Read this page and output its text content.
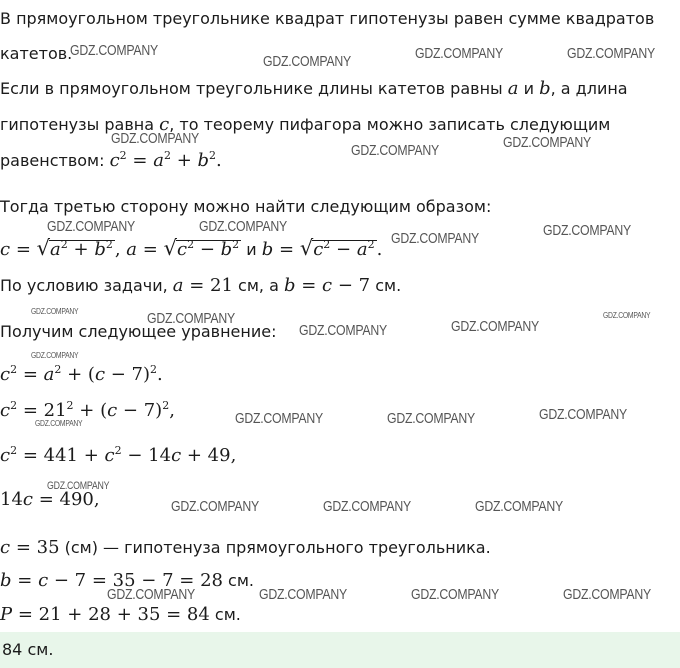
В прямоугольном треугольнике квадрат гипотенузы равен сумме квадратов
катетов.
Если в прямоугольном треугольнике длины катетов равны a и b, а длина
гипотенузы равна c, то теорему пифагора можно записать следующим
равенством: $c^2 = a^2 + b^2$.
Тогда третью сторону можно найти следующим образом:
$c = √a^2 + b^2$ , $a = √c^2 - b^2$ и $b = √c^2 - a^2$ .
По условию задачи, a = 21 см, а b = c − 7 см.
Получим следующее уравнение:
$c^2 = a^2 + (c - 7)^2$.
$c^2 = 21^2 + (c - 7)^2$,
$c^2 = 441 + c^2 - 14c + 49$,
14c = 490,
c = 35 (см) — гипотенуза прямоугольного треугольника.
b = c − 7 = 35 − 7 = 28 см.
P = 21 + 28 + 35 = 84 см.
84 см.
GDZ.COMPANY
GDZ.COMPANY	GDZ.COMPANY	GDZ.COMPANY
GDZ.COMPANY
GDZ.COMPANY	GDZ.COMPANY
GDZ.COMPANY	GDZ.COMPANY
GDZ.COMPANY	GDZ.COMPANY
GDZ.COMPANY	GDZ.COMPANY
GDZ.COMPANY	GDZ.COMPANY
GDZ.COMPANY
GDZ.COMPANY
GDZ.COMPANY	GDZ.COMPANY	GDZ.COMPANY	GDZ.COMPANY
GDZ.COMPANY
GDZ.COMPANY	GDZ.COMPANY	GDZ.COMPANY
GDZ.COMPANY	GDZ.COMPANY	GDZ.COMPANY	GDZ.COMPANY
